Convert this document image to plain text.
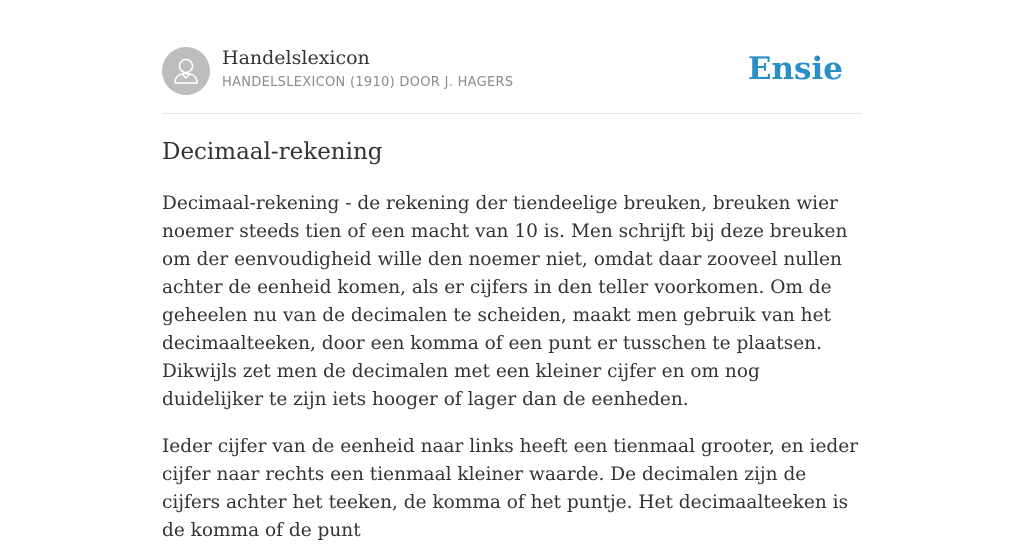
Handelslexicon
HANDELSLEXICON (1910) DOOR J. HAGERS	Ensie
Decimaal-rekening

Decimaal-rekening - de rekening der tiendeelige breuken, breuken wier noemer steeds tien of een macht van 10 is. Men schrijft bij deze breuken om der eenvoudigheid wille den noemer niet, omdat daar zooveel nullen achter de eenheid komen, als er cijfers in den teller voorkomen. Om de geheelen nu van de decimalen te scheiden, maakt men gebruik van het decimaalteeken, door een komma of een punt er tusschen te plaatsen. Dikwijls zet men de decimalen met een kleiner cijfer en om nog duidelijker te zijn iets hooger of lager dan de eenheden.

Ieder cijfer van de eenheid naar links heeft een tienmaal grooter, en ieder cijfer naar rechts een tienmaal kleiner waarde. De decimalen zijn de cijfers achter het teeken, de komma of het puntje. Het decimaalteeken is de komma of de punt
